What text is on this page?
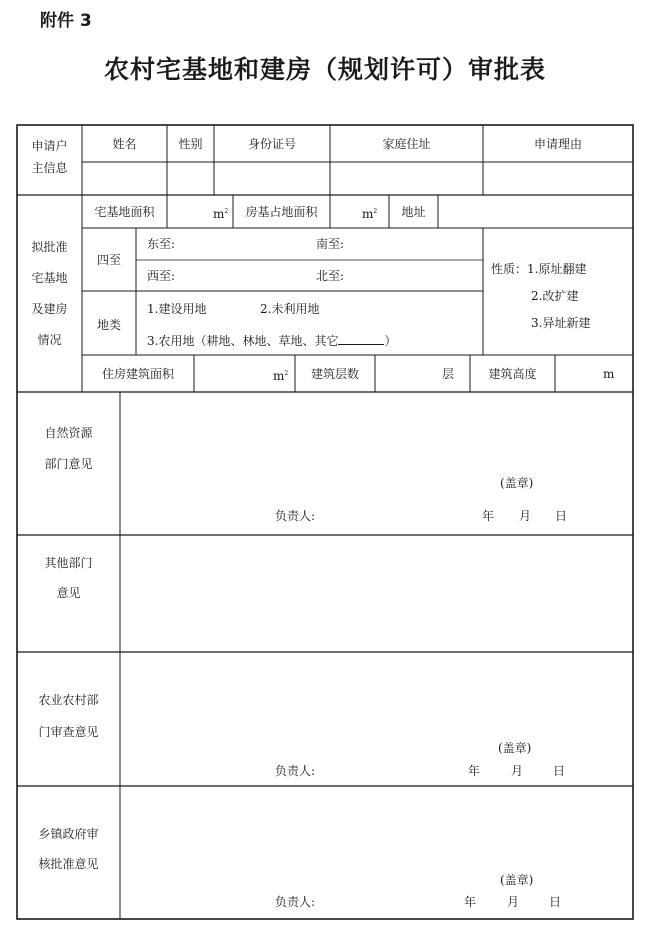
附件 3
农村宅基地和建房（规划许可）审批表
申请户
主信息
姓名	性别	身份证号	家庭住址	申请理由
拟批准
宅基地
及建房
情况
宅基地面积	$m^2$	房基占地面积	$m^2$	地址
四至
东至:	南至:
西至:	北至:	性质：1.原址翻建
2.改扩建
3.异址新建
地类
1.建设用地	2.未利用地
3.农用地（耕地、林地、草地、其它	）
住房建筑面积	$m^2$	建筑层数	层	建筑高度	m
自然资源
部门意见
(盖章)
负责人:	年 月 日
其他部门
意见
农业农村部
门审查意见
(盖章)
负责人:	年	月 日
乡镇政府审
核批准意见
(盖章)
负责人:	年	月 日
